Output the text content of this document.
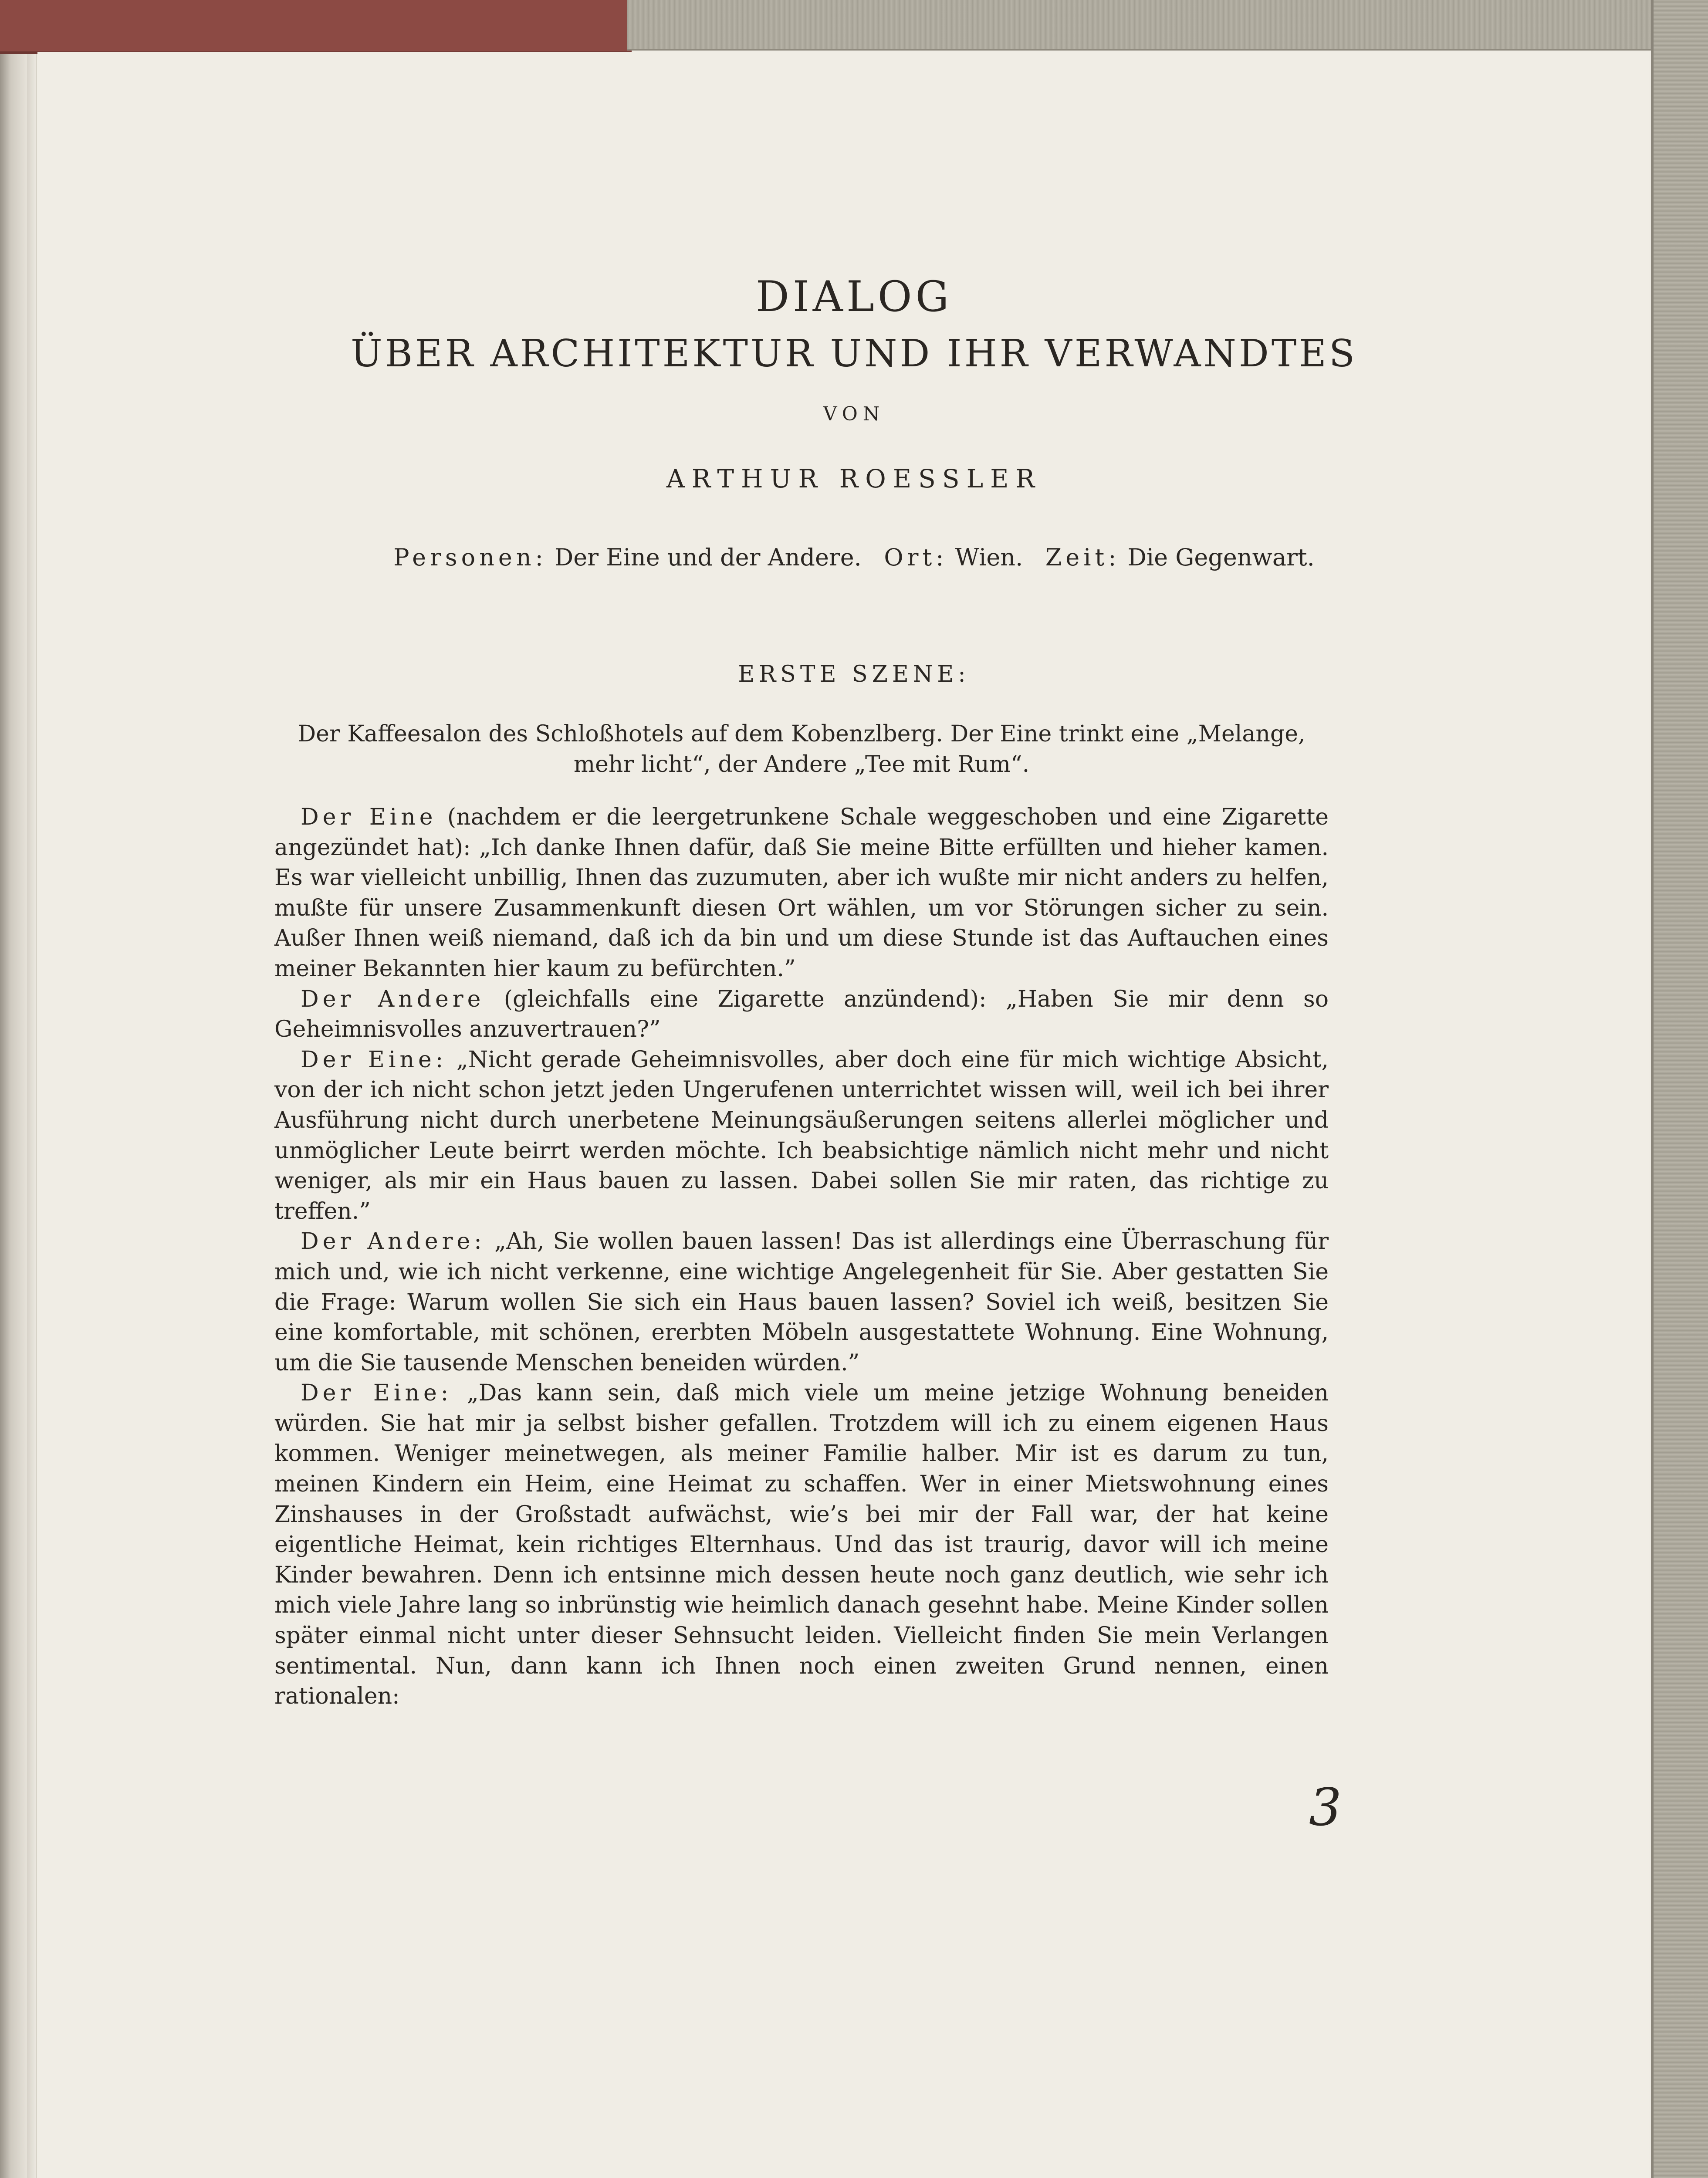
DIALOG
ÜBER ARCHITEKTUR UND IHR VERWANDTES
VON
ARTHUR ROESSLER
Personen: Der Eine und der Andere. Ort: Wien. Zeit: Die Gegenwart.
ERSTE SZENE:
Der Kaffeesalon des Schloßhotels auf dem Kobenzlberg. Der Eine trinkt eine „Melange, mehr licht“, der Andere „Tee mit Rum“.

Der Eine (nachdem er die leergetrunkene Schale weggeschoben und eine Zigarette angezündet hat): „Ich danke Ihnen dafür, daß Sie meine Bitte erfüllten und hieher kamen. Es war vielleicht unbillig, Ihnen das zuzumuten, aber ich wußte mir nicht anders zu helfen, mußte für unsere Zusammenkunft diesen Ort wählen, um vor Störungen sicher zu sein. Außer Ihnen weiß niemand, daß ich da bin und um diese Stunde ist das Auftauchen eines meiner Bekannten hier kaum zu befürchten.”

Der Andere (gleichfalls eine Zigarette anzündend): „Haben Sie mir denn so Geheimnisvolles anzuvertrauen?”

Der Eine: „Nicht gerade Geheimnisvolles, aber doch eine für mich wichtige Absicht, von der ich nicht schon jetzt jeden Ungerufenen unterrichtet wissen will, weil ich bei ihrer Ausführung nicht durch unerbetene Meinungsäußerungen seitens allerlei möglicher und unmöglicher Leute beirrt werden möchte. Ich beabsichtige nämlich nicht mehr und nicht weniger, als mir ein Haus bauen zu lassen. Dabei sollen Sie mir raten, das richtige zu treffen.”

Der Andere: „Ah, Sie wollen bauen lassen! Das ist allerdings eine Überraschung für mich und, wie ich nicht verkenne, eine wichtige Angelegenheit für Sie. Aber gestatten Sie die Frage: Warum wollen Sie sich ein Haus bauen lassen? Soviel ich weiß, besitzen Sie eine komfortable, mit schönen, ererbten Möbeln ausgestattete Wohnung. Eine Wohnung, um die Sie tausende Menschen beneiden würden.”

Der Eine: „Das kann sein, daß mich viele um meine jetzige Wohnung beneiden würden. Sie hat mir ja selbst bisher gefallen. Trotzdem will ich zu einem eigenen Haus kommen. Weniger meinetwegen, als meiner Familie halber. Mir ist es darum zu tun, meinen Kindern ein Heim, eine Heimat zu schaffen. Wer in einer Mietswohnung eines Zinshauses in der Großstadt aufwächst, wie’s bei mir der Fall war, der hat keine eigentliche Heimat, kein richtiges Elternhaus. Und das ist traurig, davor will ich meine Kinder bewahren. Denn ich entsinne mich dessen heute noch ganz deutlich, wie sehr ich mich viele Jahre lang so inbrünstig wie heimlich danach gesehnt habe. Meine Kinder sollen später einmal nicht unter dieser Sehnsucht leiden. Vielleicht finden Sie mein Verlangen sentimental. Nun, dann kann ich Ihnen noch einen zweiten Grund nennen, einen rationalen:

3
